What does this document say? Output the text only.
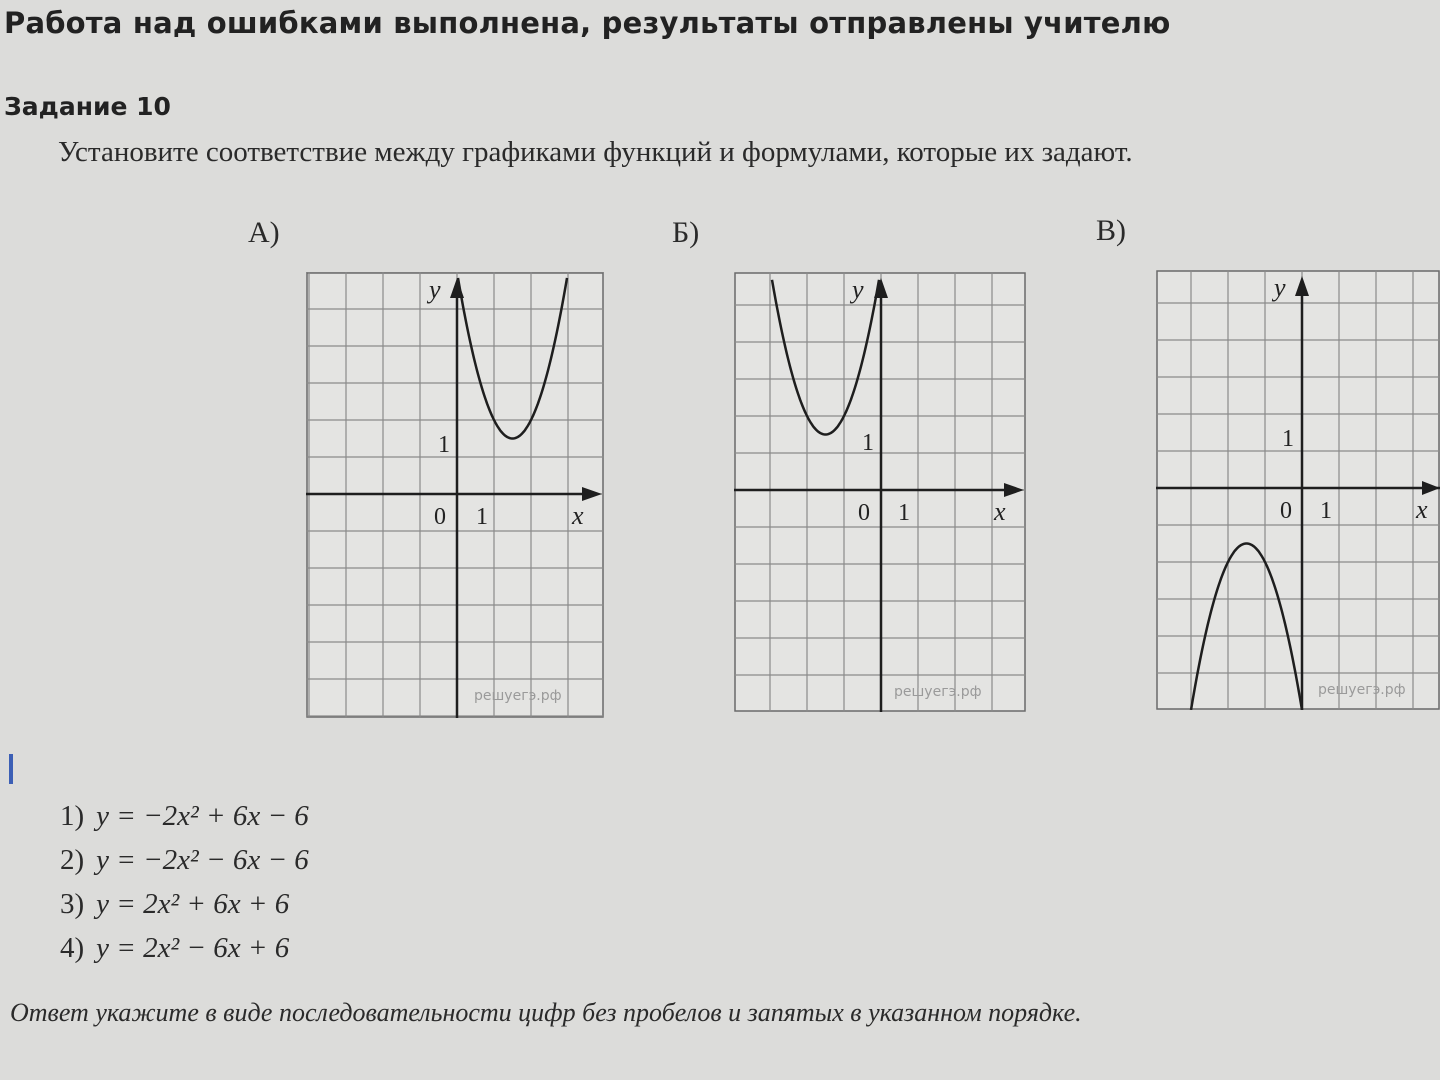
Работа над ошибками выполнена, результаты отправлены учителю
Задание 10
Установите соответствие между графиками функций и формулами, которые их задают.
А)
y
1
0 1	x
решуегэ.рф
Б)
y
1
0 1	x
решуегэ.рф
В)
y
1
0 1	x
решуегэ.рф
1) y = −2x² + 6x − 6
2) y = −2x² − 6x − 6
3) y = 2x² + 6x + 6
4) y = 2x² − 6x + 6
Ответ укажите в виде последовательности цифр без пробелов и запятых в указанном порядке.
